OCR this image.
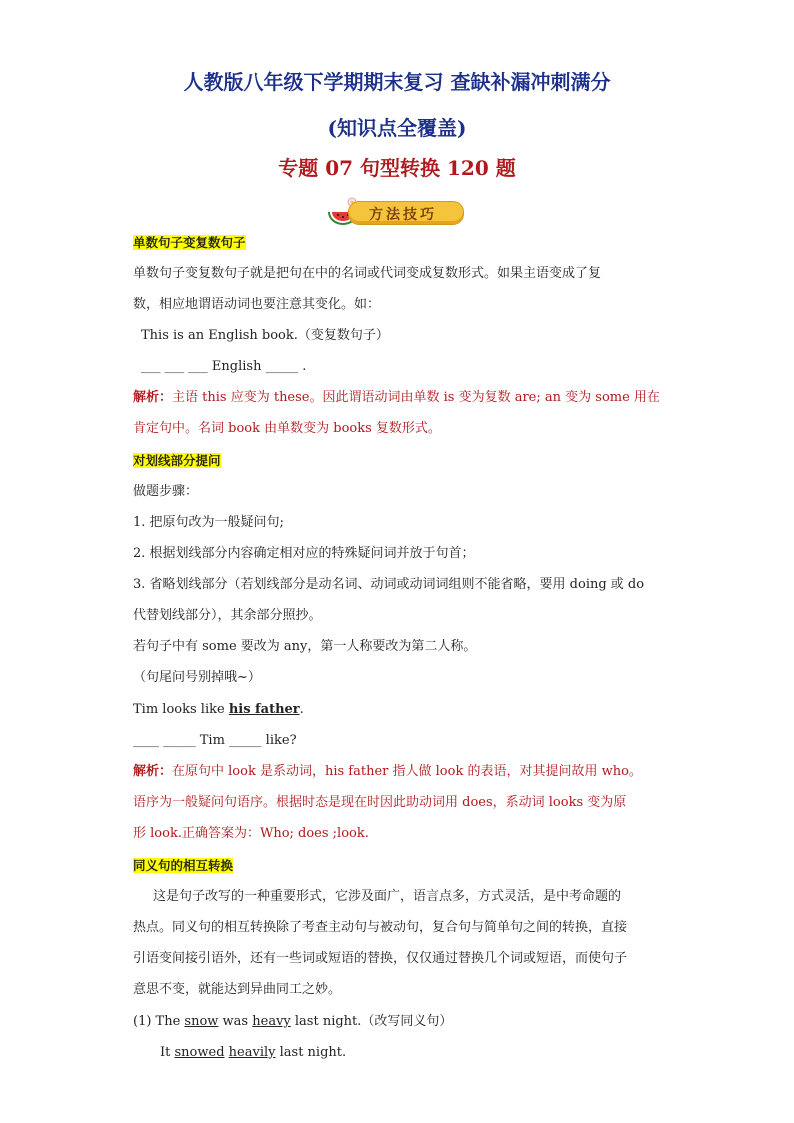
人教版八年级下学期期末复习 查缺补漏冲刺满分
(知识点全覆盖)
专题 07 句型转换 120 题
方法技巧
单数句子变复数句子
单数句子变复数句子就是把句在中的名词或代词变成复数形式。如果主语变成了复
数，相应地谓语动词也要注意其变化。如：
This is an English book.（变复数句子）
___ ___ ___ English _____ .
解析：主语 this 应变为 these。因此谓语动词由单数 is 变为复数 are; an 变为 some 用在
肯定句中。名词 book 由单数变为 books 复数形式。
对划线部分提问
做题步骤：
1. 把原句改为一般疑问句;
2. 根据划线部分内容确定相对应的特殊疑问词并放于句首；
3. 省略划线部分（若划线部分是动名词、动词或动词词组则不能省略，要用 doing 或 do
代替划线部分），其余部分照抄。
若句子中有 some 要改为 any，第一人称要改为第二人称。
（句尾问号别掉哦~）
Tim looks like his father.
____ _____ Tim _____ like?
解析：在原句中 look 是系动词，his father 指人做 look 的表语，对其提问故用 who。
语序为一般疑问句语序。根据时态是现在时因此助动词用 does，系动词 looks 变为原
形 look.正确答案为：Who; does ;look.
同义句的相互转换
这是句子改写的一种重要形式，它涉及面广，语言点多，方式灵活，是中考命题的
热点。同义句的相互转换除了考查主动句与被动句，复合句与简单句之间的转换，直接
引语变间接引语外，还有一些词或短语的替换，仅仅通过替换几个词或短语，而使句子
意思不变，就能达到异曲同工之妙。
(1) The snow was heavy last night.（改写同义句）
It snowed heavily last night.
